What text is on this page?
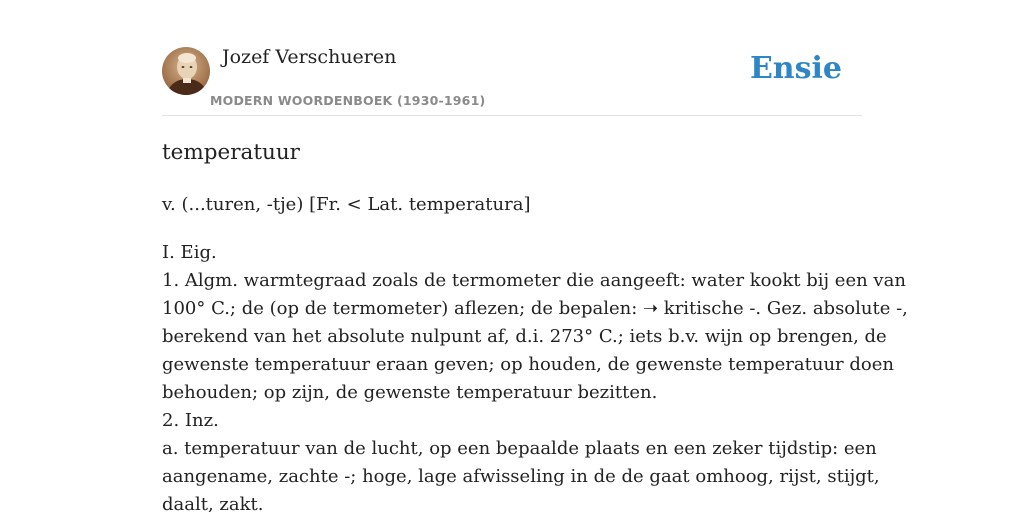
Jozef Verschueren
MODERN WOORDENBOEK (1930-1961)
Ensie
temperatuur
v. (...turen, -tje) [Fr. < Lat. temperatura]
I. Eig.
1. Algm. warmtegraad zoals de termometer die aangeeft: water kookt bij een van
100° C.; de (op de termometer) aflezen; de bepalen: ➝ kritische -. Gez. absolute -,
berekend van het absolute nulpunt af, d.i. 273° C.; iets b.v. wijn op brengen, de
gewenste temperatuur eraan geven; op houden, de gewenste temperatuur doen
behouden; op zijn, de gewenste temperatuur bezitten.
2. Inz.
a. temperatuur van de lucht, op een bepaalde plaats en een zeker tijdstip: een
aangename, zachte -; hoge, lage afwisseling in de de gaat omhoog, rijst, stijgt,
daalt, zakt.
